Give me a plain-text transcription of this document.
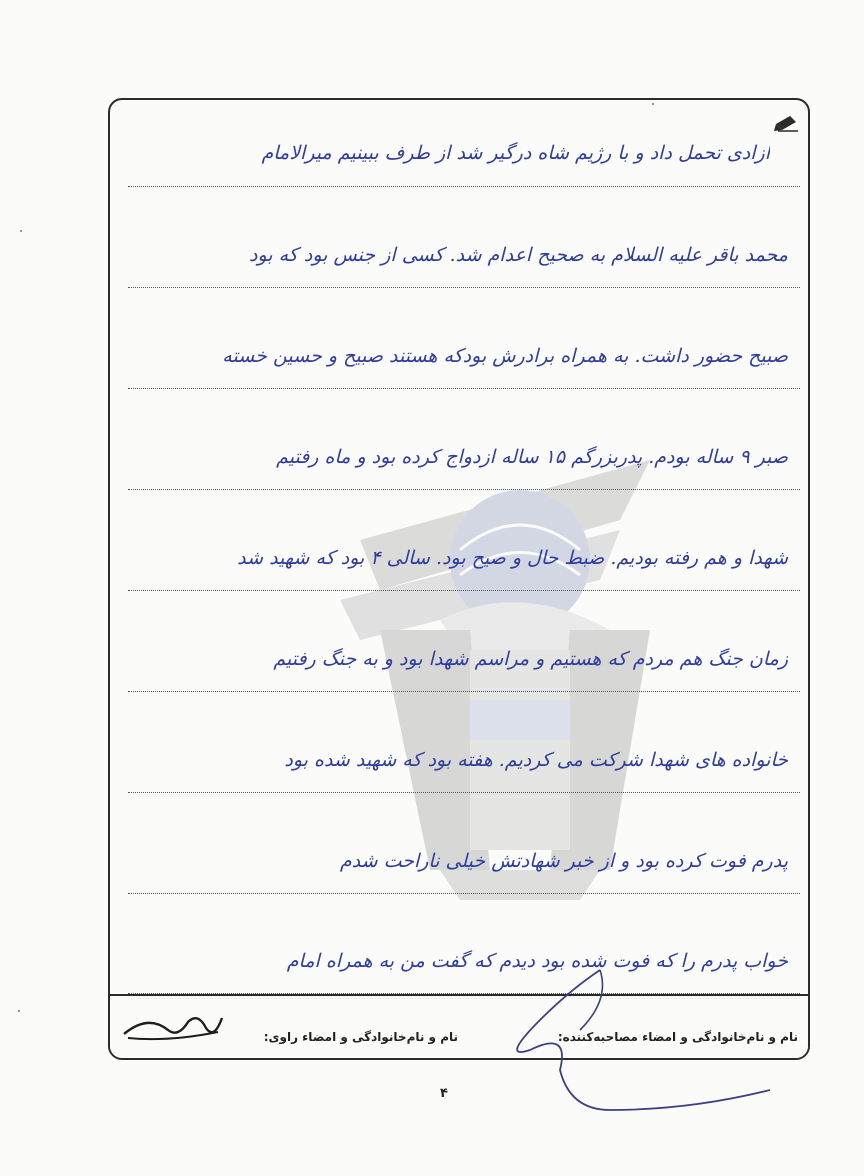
ازادی تحمل داد و با رژیم شاه درگیر شد از طرف ببینیم میرالامام
محمد باقر علیه السلام به صحیح اعدام شد. کسی از جنس بود که بود
صبیح حضور داشت. به همراه برادرش بودکه هستند صبیح و حسین خسته
صبر ۹ ساله بودم. پدربزرگم ۱۵ ساله ازدواج کرده بود و ماه رفتیم
شهدا و هم رفته بودیم. ضبط حال و صیح بود. سالی ۴ بود که شهید شد
زمان جنگ هم مردم که هستیم و مراسم شهدا بود و به جنگ رفتیم
خانواده های شهدا شرکت می کردیم. هفته بود که شهید شده بود
پدرم فوت کرده بود و از خبر شهادتش خیلی ناراحت شدم
خواب پدرم را که فوت شده بود دیدم که گفت من به همراه امام
نام و نام‌خانوادگی و امضاء مصاحبه‌کننده:
نام و نام‌خانوادگی و امضاء راوی:
۴
